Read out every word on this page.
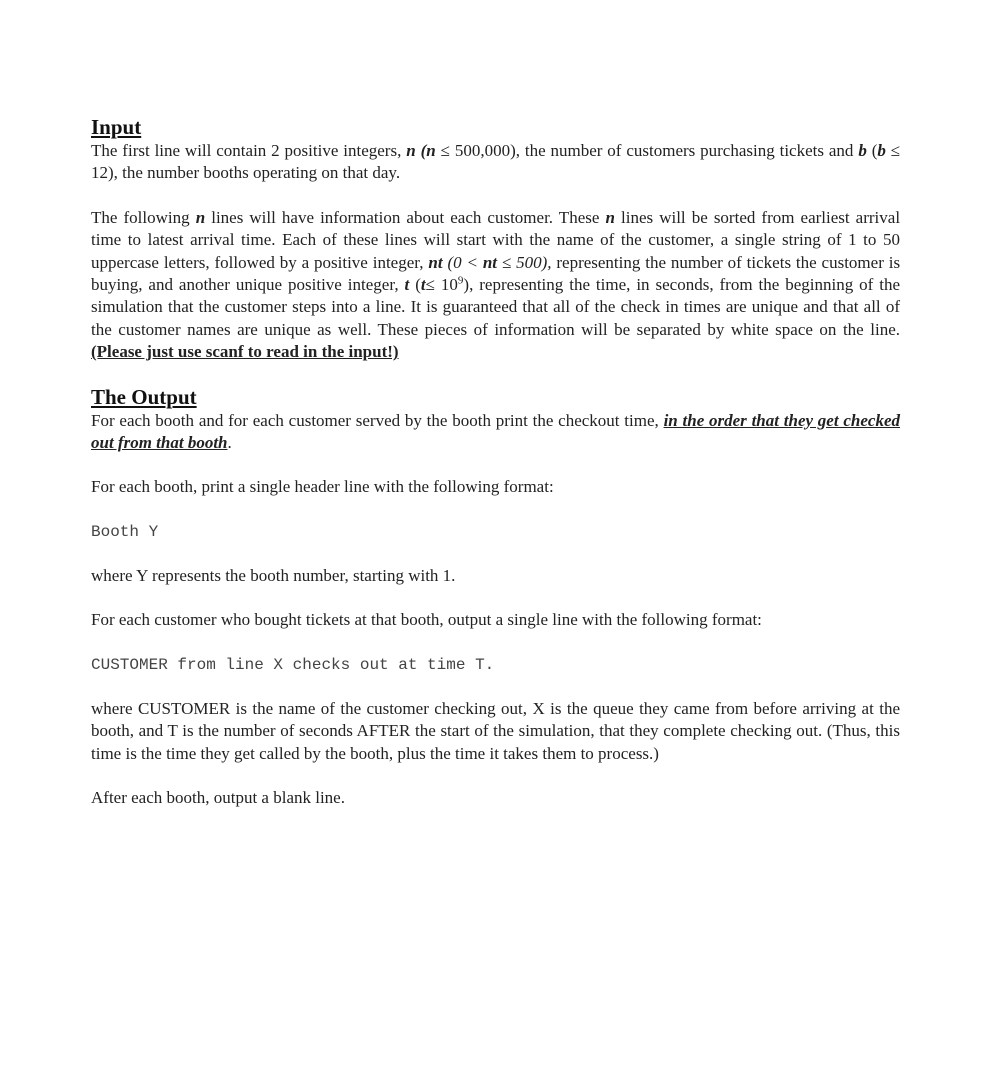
Input

The first line will contain 2 positive integers, n (n ≤ 500,000), the number of customers purchasing tickets and b (b ≤ 12), the number booths operating on that day.

The following n lines will have information about each customer. These n lines will be sorted from earliest arrival time to latest arrival time. Each of these lines will start with the name of the customer, a single string of 1 to 50 uppercase letters, followed by a positive integer, nt (0 < nt ≤ 500), representing the number of tickets the customer is buying, and another unique positive integer, t $(t\le 10^9)$, representing the time, in seconds, from the beginning of the simulation that the customer steps into a line. It is guaranteed that all of the check in times are unique and that all of the customer names are unique as well. These pieces of information will be separated by white space on the line. (Please just use scanf to read in the input!)

The Output

For each booth and for each customer served by the booth print the checkout time, in the order that they get checked out from that booth.

For each booth, print a single header line with the following format:

Booth Y

where Y represents the booth number, starting with 1.

For each customer who bought tickets at that booth, output a single line with the following format:

CUSTOMER from line X checks out at time T.

where CUSTOMER is the name of the customer checking out, X is the queue they came from before arriving at the booth, and T is the number of seconds AFTER the start of the simulation, that they complete checking out. (Thus, this time is the time they get called by the booth, plus the time it takes them to process.)

After each booth, output a blank line.
